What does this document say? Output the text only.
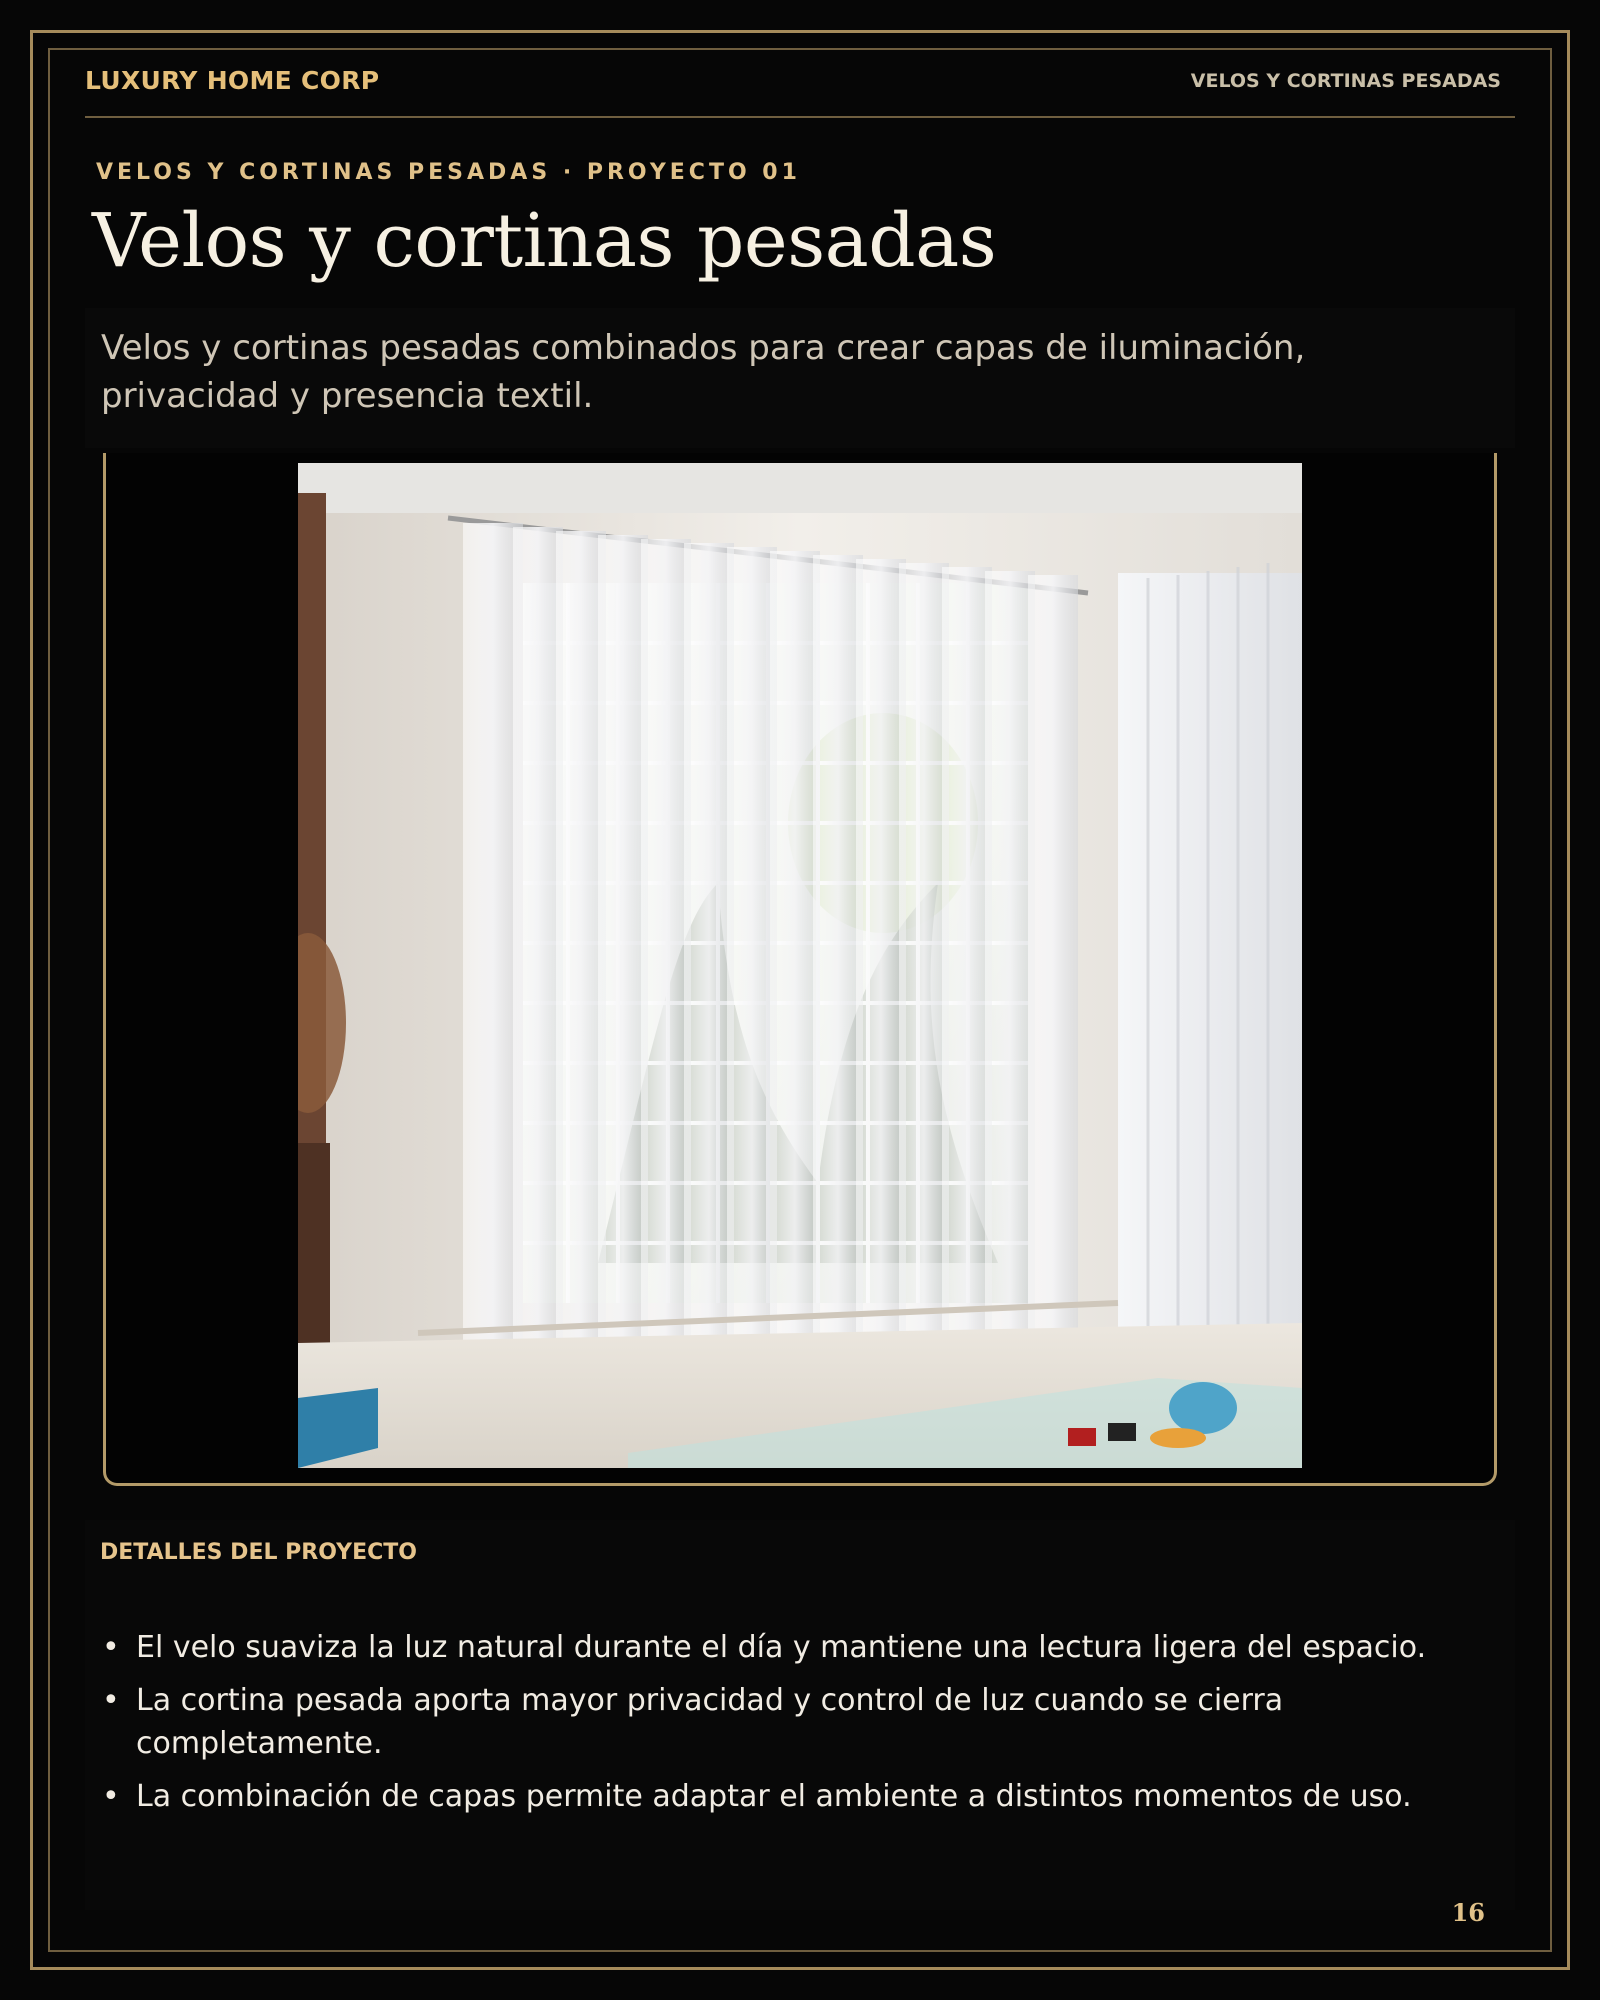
LUXURY HOME CORP	VELOS Y CORTINAS PESADAS
VELOS Y CORTINAS PESADAS · PROYECTO 01
Velos y cortinas pesadas
Velos y cortinas pesadas combinados para crear capas de iluminación, privacidad y presencia textil.
DETALLES DEL PROYECTO
• El velo suaviza la luz natural durante el día y mantiene una lectura ligera del espacio.
• La cortina pesada aporta mayor privacidad y control de luz cuando se cierra completamente.
• La combinación de capas permite adaptar el ambiente a distintos momentos de uso.
16
